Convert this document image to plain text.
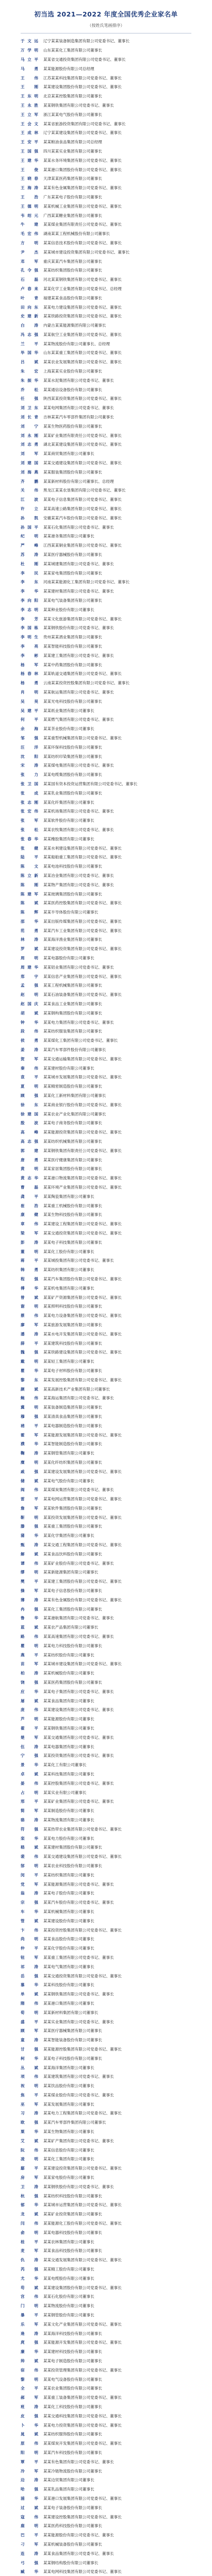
初当选 2021—2022 年度全国优秀企业家名单
（按姓氏笔画排序）
于文远 辽宁某某装备制造集团有限公司党委书记、董事长
万学明 山东某某化工集团有限公司董事长
马立平 某某省交通投资集团有限公司党委书记、董事长
马 勇 某某能源股份有限公司总经理
王 伟 江苏某某科技集团有限公司党委书记、董事长
王 刚 某某建设集团股份有限公司党委书记、董事长
王东明 北京某某控股集团有限公司董事长
王永胜 某某钢铁集团有限公司党委书记、董事长
王立军 浙江某某电气股份有限公司董事长
王会文 某某省旅游投资集团有限公司党委书记、董事长
王成林 辽宁某某建设集团有限公司党委书记、董事长
王安平 某某粮油食品集团有限公司总经理
王国强 四川某某实业集团有限公司董事长
王建华 某某水务环境集团有限公司党委书记、董事长
王 俊 某某港口集团股份有限公司党委书记、董事长
王晓春 天津某某医药集团有限公司董事长
王海涛 某某有色金属集团有限公司党委书记、董事长
王 浩 广东某某电子股份有限公司董事长
王德明 某某机械工业集团有限公司党委书记、董事长
韦绍元 广西某某糖业集团有限公司董事长
牛 建 某某煤业集团有限责任公司党委书记、董事长
毛宏伟 湖南某某工程机械股份有限公司董事长
方 明 某某信息技术股份有限公司党委书记、董事长
尹 杰 某某城市建设投资集团有限公司党委书记、董事长
邓 军 重庆某某汽车集团有限公司董事长
孔令强 某某纺织集团股份有限公司董事长
石 磊 河北某某钢铁集团有限公司党委书记、董事长
卢春来 某某化学工业集团有限公司党委书记、总经理
叶 青 福建某某食品股份有限公司董事长
田向东 某某电力建设集团有限公司党委书记、董事长
史建新 某某铁路投资集团有限公司党委书记、董事长
白 涛 内蒙古某某能源集团有限公司董事长
冯志强 某某航空工业集团有限公司党委书记、董事长
兰 平 某某物流股份有限公司董事长、总经理
毕国华 山东某某重工集团有限公司党委书记、董事长
吕 斌 某某农业发展集团有限公司党委书记、董事长
朱 宏 上海某某实业股份有限公司董事长
朱振华 某某水泥集团有限公司党委书记、董事长
乔 松 某某通信设备股份有限公司董事长
任 强 陕西某某投资集团有限公司党委书记、董事长
刘卫东 某某电网集团有限公司党委书记、董事长
刘长青 吉林某某汽车零部件集团有限公司董事长
刘 宁 某某生物医药股份有限公司董事长
刘永刚 某某矿业集团有限责任公司党委书记、董事长
刘志勇 湖北某某建设集团有限公司党委书记、董事长
刘 军 某某商贸集团有限公司董事长
刘建国 某某交通建设集团有限公司党委书记、董事长
刘海燕 某某服装集团股份有限公司董事长
齐 鹏 某某新材料股份有限公司董事长、总经理
关 伟 黑龙江某某农垦集团有限公司党委书记、董事长
江 波 某某电子信息集团有限公司党委书记、董事长
许 立 某某高速公路集团有限公司党委书记、董事长
孙 凯 安徽某某汽车股份有限公司党委书记、董事长
孙国平 某某石化集团有限公司党委书记、董事长
纪 明 某某港务集团有限公司董事长
严 峰 江西某某铜业集团有限公司党委书记、董事长
苏 涛 某某医疗器械股份有限公司董事长
杜 刚 某某城建集团有限公司党委书记、董事长
李 民 某某家电集团股份有限公司董事长
李 东 河南某某能源化工集团有限公司党委书记、董事长
李 华 某某建材集团有限公司党委书记、董事长
李向阳 某某电气装备集团有限公司董事长
李志明 某某种业股份有限公司董事长
李 芳 某某文化旅游集团有限公司党委书记、董事长
李国栋 某某钢铁股份有限公司党委书记、董事长
李明生 贵州某某酒业集团有限公司董事长
李 亮 某某智能科技股份有限公司董事长
李 彬 某某建工集团有限公司党委书记、董事长
杨 军 某某中药集团股份有限公司董事长
杨春林 某某轨道交通集团有限公司党委书记、董事长
杨 勇 云南某某投资控股集团有限公司党委书记、董事长
肖 明 某某航运集团有限公司党委书记、董事长
吴 昊 某某光电科技股份有限公司董事长
吴建平 某某纸业集团有限公司董事长
何 平 某某燃气集团有限公司党委书记、董事长
余 海 某某茶业股份有限公司董事长
邹 强 某某重型机械集团有限公司党委书记、董事长
汪 洋 某某环保科技股份有限公司董事长
沈 阳 某某纺织印染集团有限公司董事长
宋 涛 某某煤电集团有限公司党委书记、董事长
张 力 某某电缆集团股份有限公司董事长
张卫国 某某国有资本投资运营集团有限公司党委书记、董事长
张 成 某某乳业集团股份有限公司董事长
张志刚 某某化纤集团有限公司董事长
张宏伟 某某机场集团有限公司党委书记、董事长
张 军 某某软件股份有限公司董事长
张 松 某某农牧集团有限公司党委书记、董事长
张春华 某某橡胶集团有限公司董事长
张 健 某某水利建设集团有限公司党委书记、董事长
陆 平 某某船舶重工集团有限公司党委书记、董事长
陈 文 某某电池科技股份有限公司董事长
陈立新 某某冶金集团有限公司党委书记、董事长
陈 刚 某某物产集团有限公司党委书记、董事长
陈建军 某某玻璃集团股份有限公司董事长
陈 斌 某某医药控股集团有限公司党委书记、董事长
陈 辉 某某半导体股份有限公司董事长
邵 华 某某出版传媒集团有限公司党委书记、董事长
范 勇 某某汽车工业集团有限公司党委书记、董事长
林 涛 某某海洋渔业集团有限公司董事长
罗 斌 某某建设投资集团有限公司党委书记、董事长
周 明 某某电器股份有限公司董事长
周建华 某某铝业集团有限公司党委书记、董事长
郑 宇 某某信息产业集团有限公司党委书记、董事长
孟 强 某某工程机械集团有限公司董事长
赵 明 某某石油装备集团有限公司党委书记、董事长
赵国庆 某某食品工业集团有限公司董事长
胡 斌 某某钢构集团股份有限公司董事长
钟 华 某某电力集团有限公司党委书记、董事长
段 伟 某某纺织服装集团有限公司董事长
侯 勇 某某煤化工集团有限公司党委书记、董事长
姜 涛 某某汽车零部件股份有限公司董事长
贺 军 某某交通运输集团有限公司党委书记、董事长
秦 伟 某某建材股份有限公司董事长
袁 平 某某城市发展集团有限公司党委书记、董事长
夏 明 某某精密制造股份有限公司董事长
顾 强 某某化工新材料集团有限公司董事长
徐 东 某某商业银行股份有限公司党委书记、董事长
徐建国 某某农业产业化集团有限公司董事长
殷 波 某某电子商务股份有限公司董事长
高 峰 某某能源投资集团有限公司党委书记、董事长
高志强 某某纺织机械集团有限公司董事长
郭 建 某某钢铁集团有限责任公司党委书记、董事长
唐 勇 某某医疗健康集团有限公司董事长
黄 明 某某家居集团股份有限公司董事长
黄志华 某某港口物流集团有限公司党委书记、董事长
曹 磊 某某环境产业集团有限公司党委书记、董事长
龚 平 某某陶瓷集团有限公司董事长
崔 浩 某某重工机械股份有限公司董事长
康 健 某某生物科技股份有限公司董事长
章 伟 某某建设工程集团有限公司党委书记、董事长
梁 军 某某交通投资集团有限公司党委书记、董事长
彭 涛 某某电子科技集团有限公司董事长
董 明 某某化工股份有限公司董事长
蒋 平 某某城投集团有限公司党委书记、董事长
韩 勇 某某纺织集团有限公司董事长
程 强 某某汽车集团股份有限公司党委书记、董事长
傅 华 某某机电集团有限公司董事长
曾 斌 某某矿产资源集团有限公司党委书记、董事长
谢 明 某某照明科技股份有限公司董事长
蔡 伟 某某电力设备集团有限公司党委书记、董事长
廖 军 某某旅游发展集团有限公司董事长
潘 涛 某某水电开发集团有限公司党委书记、董事长
薛 平 某某建筑科技股份有限公司董事长
魏 强 某某铁路建设集团有限公司党委书记、董事长
戴 明 某某轻工集团有限公司董事长
瞿 华 某某电子材料股份有限公司董事长
黎 东 某某发展控股集团有限公司党委书记、董事长
颜 斌 某某高新技术产业集团有限公司董事长
鲍 伟 某某海运集团有限公司党委书记、董事长
冀 明 某某装备制造集团有限公司董事长
穆 强 某某清真食品集团有限公司董事长
褚 平 某某电器制造股份有限公司董事长
霍 军 某某能源发展集团有限公司党委书记、董事长
濮 华 某某智能制造股份有限公司董事长
鞠 涛 某某钢管集团有限公司董事长
糜 明 某某化纤纺织集团有限公司董事长
戚 强 某某建设发展集团有限公司党委书记、董事长
储 斌 某某电气股份有限公司董事长
阎 伟 某某煤炭集团有限公司党委书记、董事长
雷 平 某某电网运营集团有限公司党委书记、董事长
詹 军 某某软件集团股份有限公司董事长
靳 明 某某投资发展集团有限公司党委书记、董事长
滕 强 某某重工集团股份有限公司董事长
蒲 华 某某化学集团有限公司董事长
甄 涛 某某交通工程集团有限公司党委书记、董事长
解 斌 某某食品饮料股份有限公司董事长
谭 伟 某某矿业股份有限公司党委书记、董事长
缪 明 某某新能源集团有限公司董事长
樊 平 某某建工集团股份有限公司党委书记、董事长
操 军 某某电子信息股份有限公司董事长
薄 涛 某某有色金属股份有限公司党委书记、董事长
冉 强 某某化工集团股份有限公司董事长
鲁 华 某某港航集团有限公司党委书记、董事长
蓝 斌 某某农产品集团有限公司董事长
路 伟 某某高速集团有限公司党委书记、董事长
瞿 明 某某电力科技股份有限公司董事长
燕 平 某某纺织股份有限公司董事长
苗 军 某某城市建设集团有限公司党委书记、董事长
柏 涛 某某机械股份有限公司董事长
饶 强 某某医药集团股份有限公司董事长
应 华 某某电子集团有限公司党委书记、董事长
屠 斌 某某食品集团有限公司董事长
庞 伟 某某建设集团有限公司党委书记、董事长
芦 明 某某能源股份有限公司董事长
翟 平 某某钢铁集团有限公司董事长
楚 军 某某交通集团有限公司党委书记、董事长
伍 涛 某某电器集团有限公司董事长
宁 强 某某投资集团有限公司党委书记、董事长
景 华 某某化工有限公司董事长
卓 斌 某某科技集团有限公司董事长
晏 伟 某某控股集团有限公司党委书记、董事长
占 明 某某实业有限公司董事长
邢 平 某某矿业集团有限公司党委书记、董事长
简 军 某某制造股份有限公司董事长
骆 涛 某某物流集团有限公司董事长
符 强 某某热带农业集团有限公司党委书记、董事长
栾 华 某某电力股份有限公司董事长
嵇 斌 某某建材集团股份有限公司董事长
裴 伟 某某交通建设集团有限公司党委书记、董事长
郜 明 某某农业科技股份有限公司董事长
闵 平 某某纺织集团有限公司董事长
党 军 某某能源集团有限公司党委书记、董事长
翁 涛 某某电子股份有限公司董事长
宗 强 某某汽车股份有限公司党委书记、董事长
车 华 某某机械集团有限公司董事长
管 斌 某某建设股份有限公司董事长
卞 伟 某某投资控股集团有限公司党委书记、董事长
尚 明 某某食品股份有限公司董事长
仲 平 某某化学股份有限公司董事长
钮 军 某某重工集团有限公司党委书记、董事长
祁 涛 某某电气集团有限公司董事长
岳 强 某某交通投资集团有限公司党委书记、董事长
慕 华 某某科技股份有限公司董事长
单 斌 某某钢铁集团有限公司党委书记、董事长
隋 伟 某某港口集团有限公司董事长
荀 明 某某新材料集团有限公司董事长
盛 平 某某实业集团有限公司党委书记、董事长
顾 军 某某医疗器械集团有限公司董事长
童 涛 某某智能装备股份有限公司董事长
甘 强 某某能源控股集团有限公司党委书记、董事长
柯 华 某某电子科技股份有限公司董事长
丛 斌 某某海洋集团有限公司董事长
项 伟 某某建筑集团有限公司党委书记、董事长
祝 明 某某饮品股份有限公司董事长
焦 平 某某煤业股份有限公司党委书记、董事长
巫 军 某某发展集团有限公司董事长
习 涛 某某电力工程集团有限公司党委书记、董事长
欧 强 某某汽车零部件集团有限公司董事长
粟 华 某某生物集团有限公司董事长
艾 斌 某某矿产集团有限公司党委书记、董事长
阮 伟 某某信息股份有限公司董事长
凌 明 某某化工集团有限公司董事长
鄢 平 某某建设投资集团有限公司党委书记、董事长
房 军 某某家电股份有限公司董事长
卫 涛 某某钢铁股份有限公司党委书记、董事长
杭 强 某某纺织科技股份有限公司董事长
郁 华 某某城市运营集团有限公司党委书记、董事长
龙 斌 某某矿业投资集团有限公司董事长
闫 伟 某某能源化工股份有限公司党委书记、董事长
俞 明 某某电器科技股份有限公司董事长
桂 平 某某农林集团有限公司董事长
麦 军 某某食品科技股份有限公司董事长
仇 涛 某某交通发展集团有限公司党委书记、董事长
芮 强 某某精工股份有限公司董事长
尤 华 某某电缆股份有限公司董事长
苟 斌 某某建设集团股份有限公司党委书记、董事长
宫 伟 某某石化股份有限公司董事长
门 明 某某物流股份有限公司董事长
暴 平 某某钢管股份有限公司董事长
乐 军 某某文化产业集团有限公司党委书记、董事长
逄 涛 某某海洋科技股份有限公司董事长
庹 强 某某能源开发集团有限公司党委书记、董事长
廉 华 某某建材科技股份有限公司董事长
帅 斌 某某电子制造股份有限公司董事长
宿 伟 某某投资管理集团有限公司党委书记、董事长
黎 明 某某电气设备股份有限公司董事长
全 平 某某农业集团股份有限公司董事长
郝 军 某某重工装备集团有限公司党委书记、董事长
班 涛 某某化工科技股份有限公司董事长
皮 强 某某交通科技集团有限公司党委书记、董事长
卜 华 某某电力投资集团有限公司党委书记、董事长
晁 斌 某某纺织服饰股份有限公司董事长
原 伟 某某煤炭开发集团有限公司党委书记、董事长
阳 明 某某汽车科技股份有限公司董事长
覃 平 某某有色集团有限公司党委书记、董事长
冷 军 某某冷链物流股份有限公司董事长
边 涛 某某边贸集团有限公司董事长
哈 强 某某乳品集团有限公司董事长
浦 华 某某港口发展集团有限公司党委书记、董事长
过 斌 某某电子装备股份有限公司董事长
寇 伟 某某建设控股集团有限公司党委书记、董事长
鹿 明 某某医药科技股份有限公司董事长
巴 平 某某能源股份有限公司党委书记、董事长
刁 军 某某机械装备股份有限公司董事长
连 涛 某某食品集团有限公司党委书记、董事长
弓 强 某某钢结构股份有限公司董事长
臧 华 某某电网科技集团有限公司党委书记、董事长
